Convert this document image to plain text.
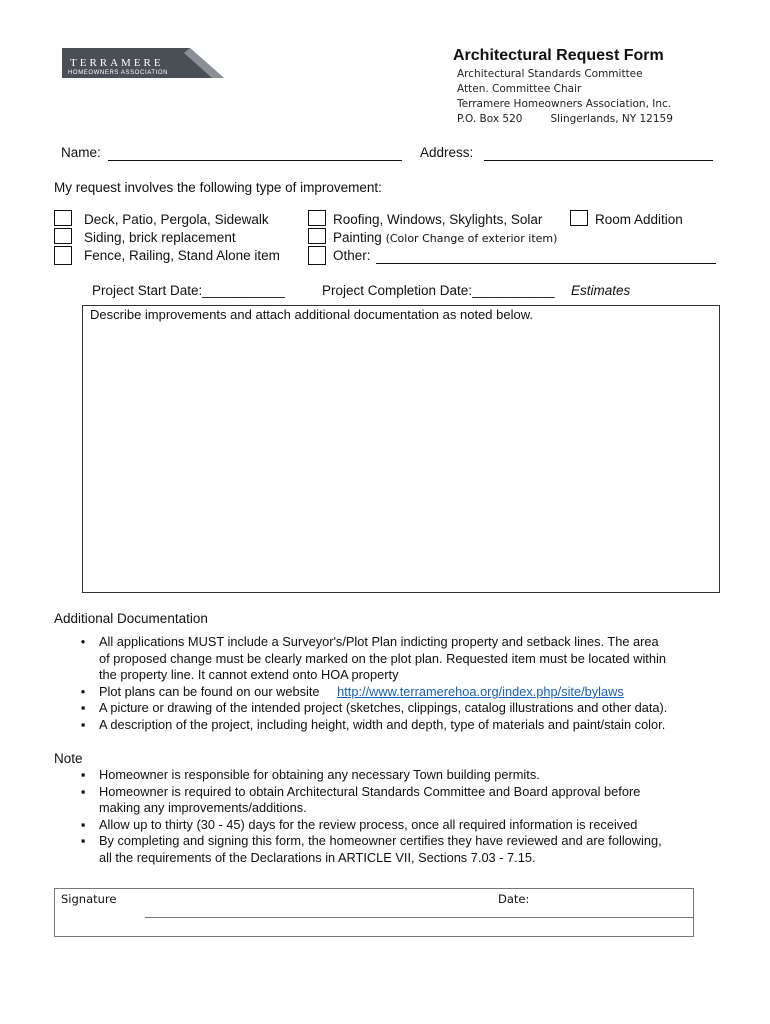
TERRAMERE
HOMEOWNERS ASSOCIATION
Architectural Request Form
Architectural Standards Committee
Atten. Committee Chair
Terramere Homeowners Association, Inc.
P.O. Box 520	Slingerlands, NY 12159
Name:	Address:
My request involves the following type of improvement:
Deck, Patio, Pergola, Sidewalk
Siding, brick replacement
Fence, Railing, Stand Alone item
Roofing, Windows, Skylights, Solar
Painting (Color Change of exterior item)
Other:
Room Addition
Project Start Date:___________	Project Completion Date:___________ Estimates
Describe improvements and attach additional documentation as noted below.
Additional Documentation
•	All applications MUST include a Surveyor's/Plot Plan indicting property and setback lines. The area
of proposed change must be clearly marked on the plot plan. Requested item must be located within
the property line. It cannot extend onto HOA property
•	Plot plans can be found on our website http://www.terramerehoa.org/index.php/site/bylaws
▪	A picture or drawing of the intended project (sketches, clippings, catalog illustrations and other data).
▪	A description of the project, including height, width and depth, type of materials and paint/stain color.
Note
▪	Homeowner is responsible for obtaining any necessary Town building permits.
▪	Homeowner is required to obtain Architectural Standards Committee and Board approval before
making any improvements/additions.
▪	Allow up to thirty (30 - 45) days for the review process, once all required information is received
▪	By completing and signing this form, the homeowner certifies they have reviewed and are following,
all the requirements of the Declarations in ARTICLE VII, Sections 7.03 - 7.15.
Signature	Date:
